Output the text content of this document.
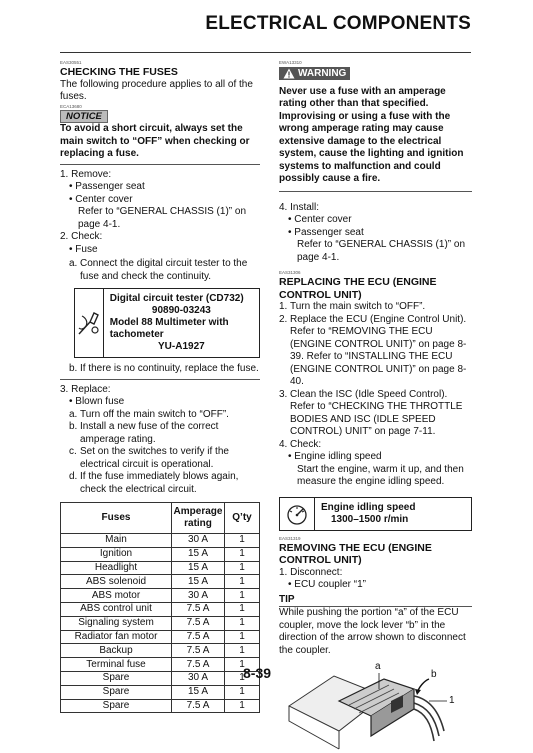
ELECTRICAL COMPONENTS
EAS30551
CHECKING THE FUSES
The following procedure applies to all of the fuses.
ECA13680
NOTICE
To avoid a short circuit, always set the main switch to “OFF” when checking or replacing a fuse.
1. Remove:
• Passenger seat
• Center cover
Refer to “GENERAL CHASSIS (1)” on page 4-1.
2. Check:
• Fuse
a. Connect the digital circuit tester to the fuse and check the continuity.
Digital circuit tester (CD732)
90890-03243
Model 88 Multimeter with tachometer
YU-A1927
b. If there is no continuity, replace the fuse.
3. Replace:
• Blown fuse
a. Turn off the main switch to “OFF”.
b. Install a new fuse of the correct amperage rating.
c. Set on the switches to verify if the electrical circuit is operational.
d. If the fuse immediately blows again, check the electrical circuit.
Fuses	Amperage rating	Q’ty
Main	30 A	1
Ignition	15 A	1
Headlight	15 A	1
ABS solenoid	15 A	1
ABS motor	30 A	1
ABS control unit	7.5 A	1
Signaling system	7.5 A	1
Radiator fan motor	7.5 A	1
Backup	7.5 A	1
Terminal fuse	7.5 A	1
Spare	30 A	1
Spare	15 A	1
Spare	7.5 A	1
EWA13310
WARNING
Never use a fuse with an amperage rating other than that specified. Improvising or using a fuse with the wrong amperage rating may cause extensive damage to the electrical system, cause the lighting and ignition systems to malfunction and could possibly cause a fire.
4. Install:
• Center cover
• Passenger seat
Refer to “GENERAL CHASSIS (1)” on page 4-1.
EAS31306
REPLACING THE ECU (ENGINE CONTROL UNIT)
1. Turn the main switch to “OFF”.
2. Replace the ECU (Engine Control Unit). Refer to “REMOVING THE ECU (ENGINE CONTROL UNIT)” on page 8-39. Refer to “INSTALLING THE ECU (ENGINE CONTROL UNIT)” on page 8-40.
3. Clean the ISC (Idle Speed Control). Refer to “CHECKING THE THROTTLE BODIES AND ISC (IDLE SPEED CONTROL) UNIT” on page 7-11.
4. Check:
• Engine idling speed
Start the engine, warm it up, and then measure the engine idling speed.
Engine idling speed
1300–1500 r/min
EAS31319
REMOVING THE ECU (ENGINE CONTROL UNIT)
1. Disconnect:
• ECU coupler “1”
TIP
While pushing the portion “a” of the ECU coupler, move the lock lever “b” in the direction of the arrow shown to disconnect the coupler.
a
b
1
8-39
